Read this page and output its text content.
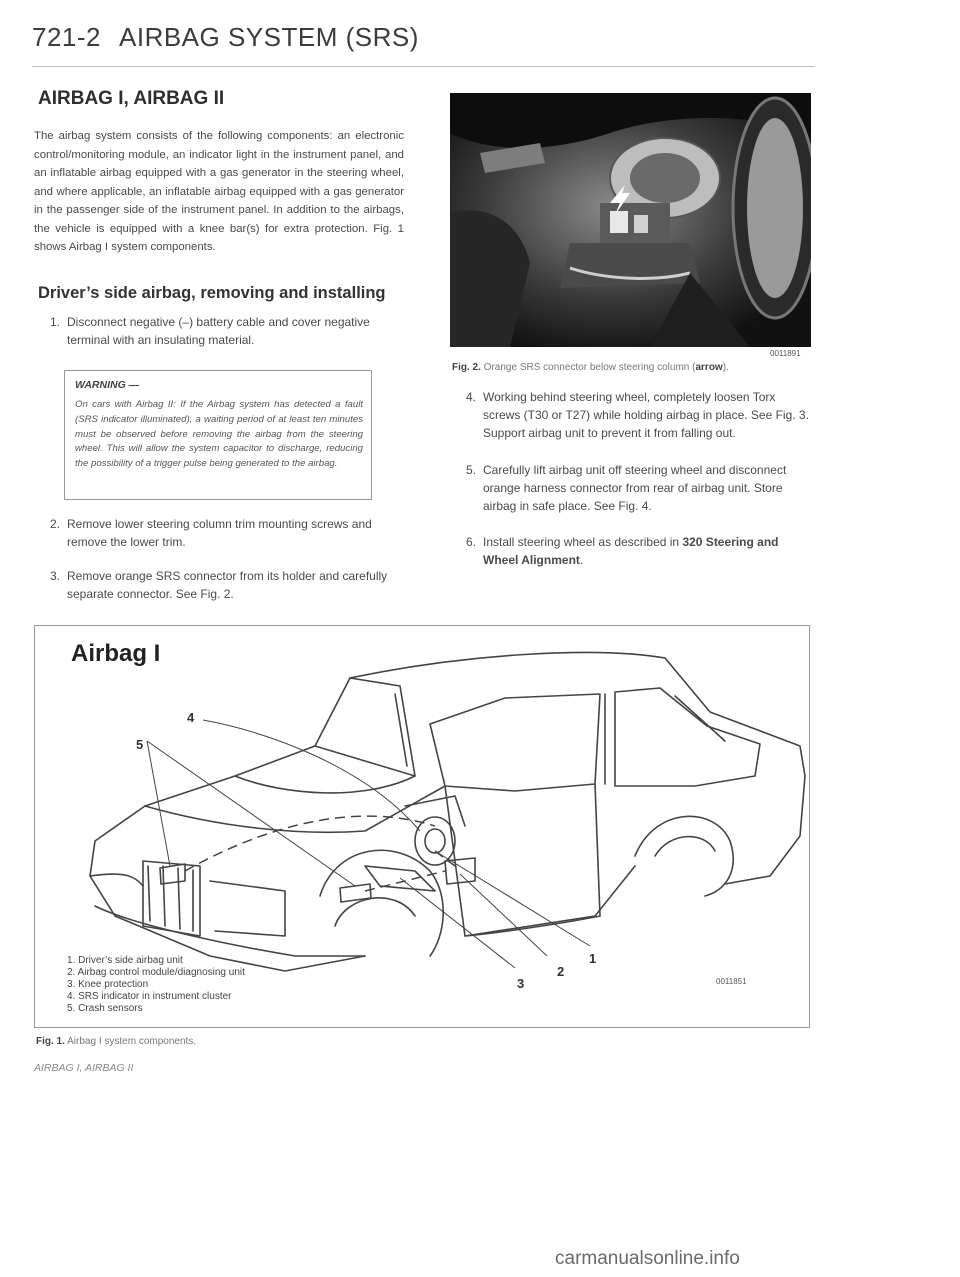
721-2 AIRBAG SYSTEM (SRS)
AIRBAG I, AIRBAG II
The airbag system consists of the following components: an electronic control/monitoring module, an indicator light in the instrument panel, and an inflatable airbag equipped with a gas generator in the steering wheel, and where applicable, an inflatable airbag equipped with a gas generator in the passenger side of the instrument panel. In addition to the airbags, the vehicle is equipped with a knee bar(s) for extra protection. Fig. 1 shows Airbag I system components.
Driver’s side airbag, removing and installing
1. Disconnect negative (–) battery cable and cover negative terminal with an insulating material.
WARNING —
On cars with Airbag II: If the Airbag system has detected a fault (SRS indicator illuminated), a waiting period of at least ten minutes must be observed before removing the airbag from the steering wheel. This will allow the system capacitor to discharge, reducing the possibility of a trigger pulse being generated to the airbag.
2. Remove lower steering column trim mounting screws and remove the lower trim.
3. Remove orange SRS connector from its holder and carefully separate connector. See Fig. 2.
0011891
Fig. 2. Orange SRS connector below steering column (arrow).
4. Working behind steering wheel, completely loosen Torx screws (T30 or T27) while holding airbag in place. See Fig. 3. Support airbag unit to prevent it from falling out.
5. Carefully lift airbag unit off steering wheel and disconnect orange harness connector from rear of airbag unit. Store airbag in safe place. See Fig. 4.
6. Install steering wheel as described in 320 Steering and Wheel Alignment.
Airbag I
4
5
1
2
3	0011851
1. Driver’s side airbag unit
2. Airbag control module/diagnosing unit
3. Knee protection
4. SRS indicator in instrument cluster
5. Crash sensors
Fig. 1. Airbag I system components.
AIRBAG I, AIRBAG II
carmanualsonline.info
